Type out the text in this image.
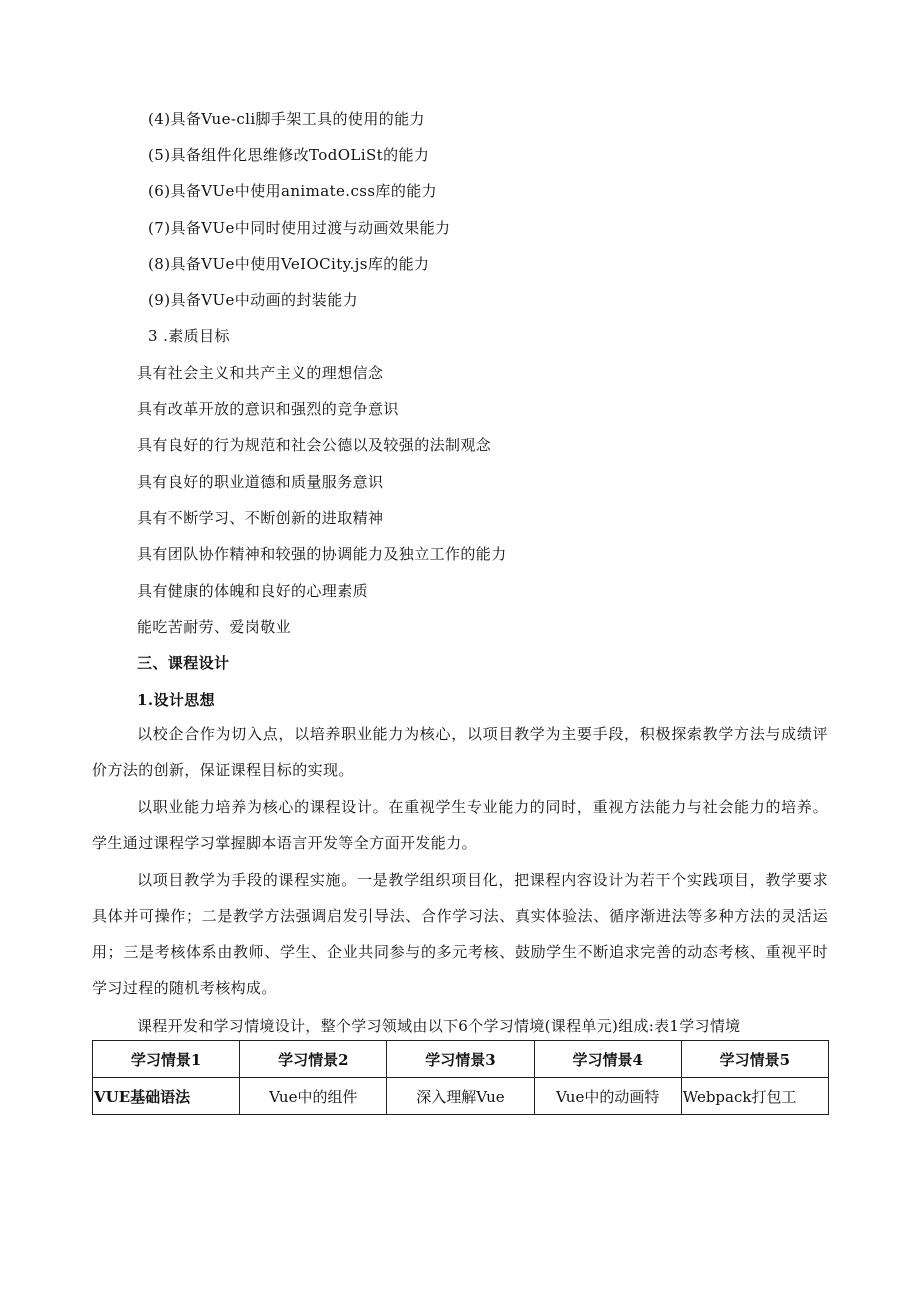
(4)具备Vue-cli脚手架工具的使用的能力
(5)具备组件化思维修改TodOLiSt的能力
(6)具备VUe中使用animate.css库的能力
(7)具备VUe中同时使用过渡与动画效果能力
(8)具备VUe中使用VeIOCity.js库的能力
(9)具备VUe中动画的封装能力
3 .素质目标
具有社会主义和共产主义的理想信念
具有改革开放的意识和强烈的竞争意识
具有良好的行为规范和社会公德以及较强的法制观念
具有良好的职业道德和质量服务意识
具有不断学习、不断创新的进取精神
具有团队协作精神和较强的协调能力及独立工作的能力
具有健康的体魄和良好的心理素质
能吃苦耐劳、爱岗敬业
三、课程设计
1.设计思想
以校企合作为切入点，以培养职业能力为核心，以项目教学为主要手段，积极探索教学方法与成绩评价方法的创新，保证课程目标的实现。
以职业能力培养为核心的课程设计。在重视学生专业能力的同时，重视方法能力与社会能力的培养。学生通过课程学习掌握脚本语言开发等全方面开发能力。
以项目教学为手段的课程实施。一是教学组织项目化，把课程内容设计为若干个实践项目，教学要求具体并可操作；二是教学方法强调启发引导法、合作学习法、真实体验法、循序渐进法等多种方法的灵活运用；三是考核体系由教师、学生、企业共同参与的多元考核、鼓励学生不断追求完善的动态考核、重视平时学习过程的随机考核构成。
课程开发和学习情境设计，整个学习领域由以下6个学习情境(课程单元)组成:表1学习情境
学习情景1	学习情景2	学习情景3	学习情景4	学习情景5
VUE基础语法	Vue中的组件	深入理解Vue	Vue中的动画特	Webpack打包工
